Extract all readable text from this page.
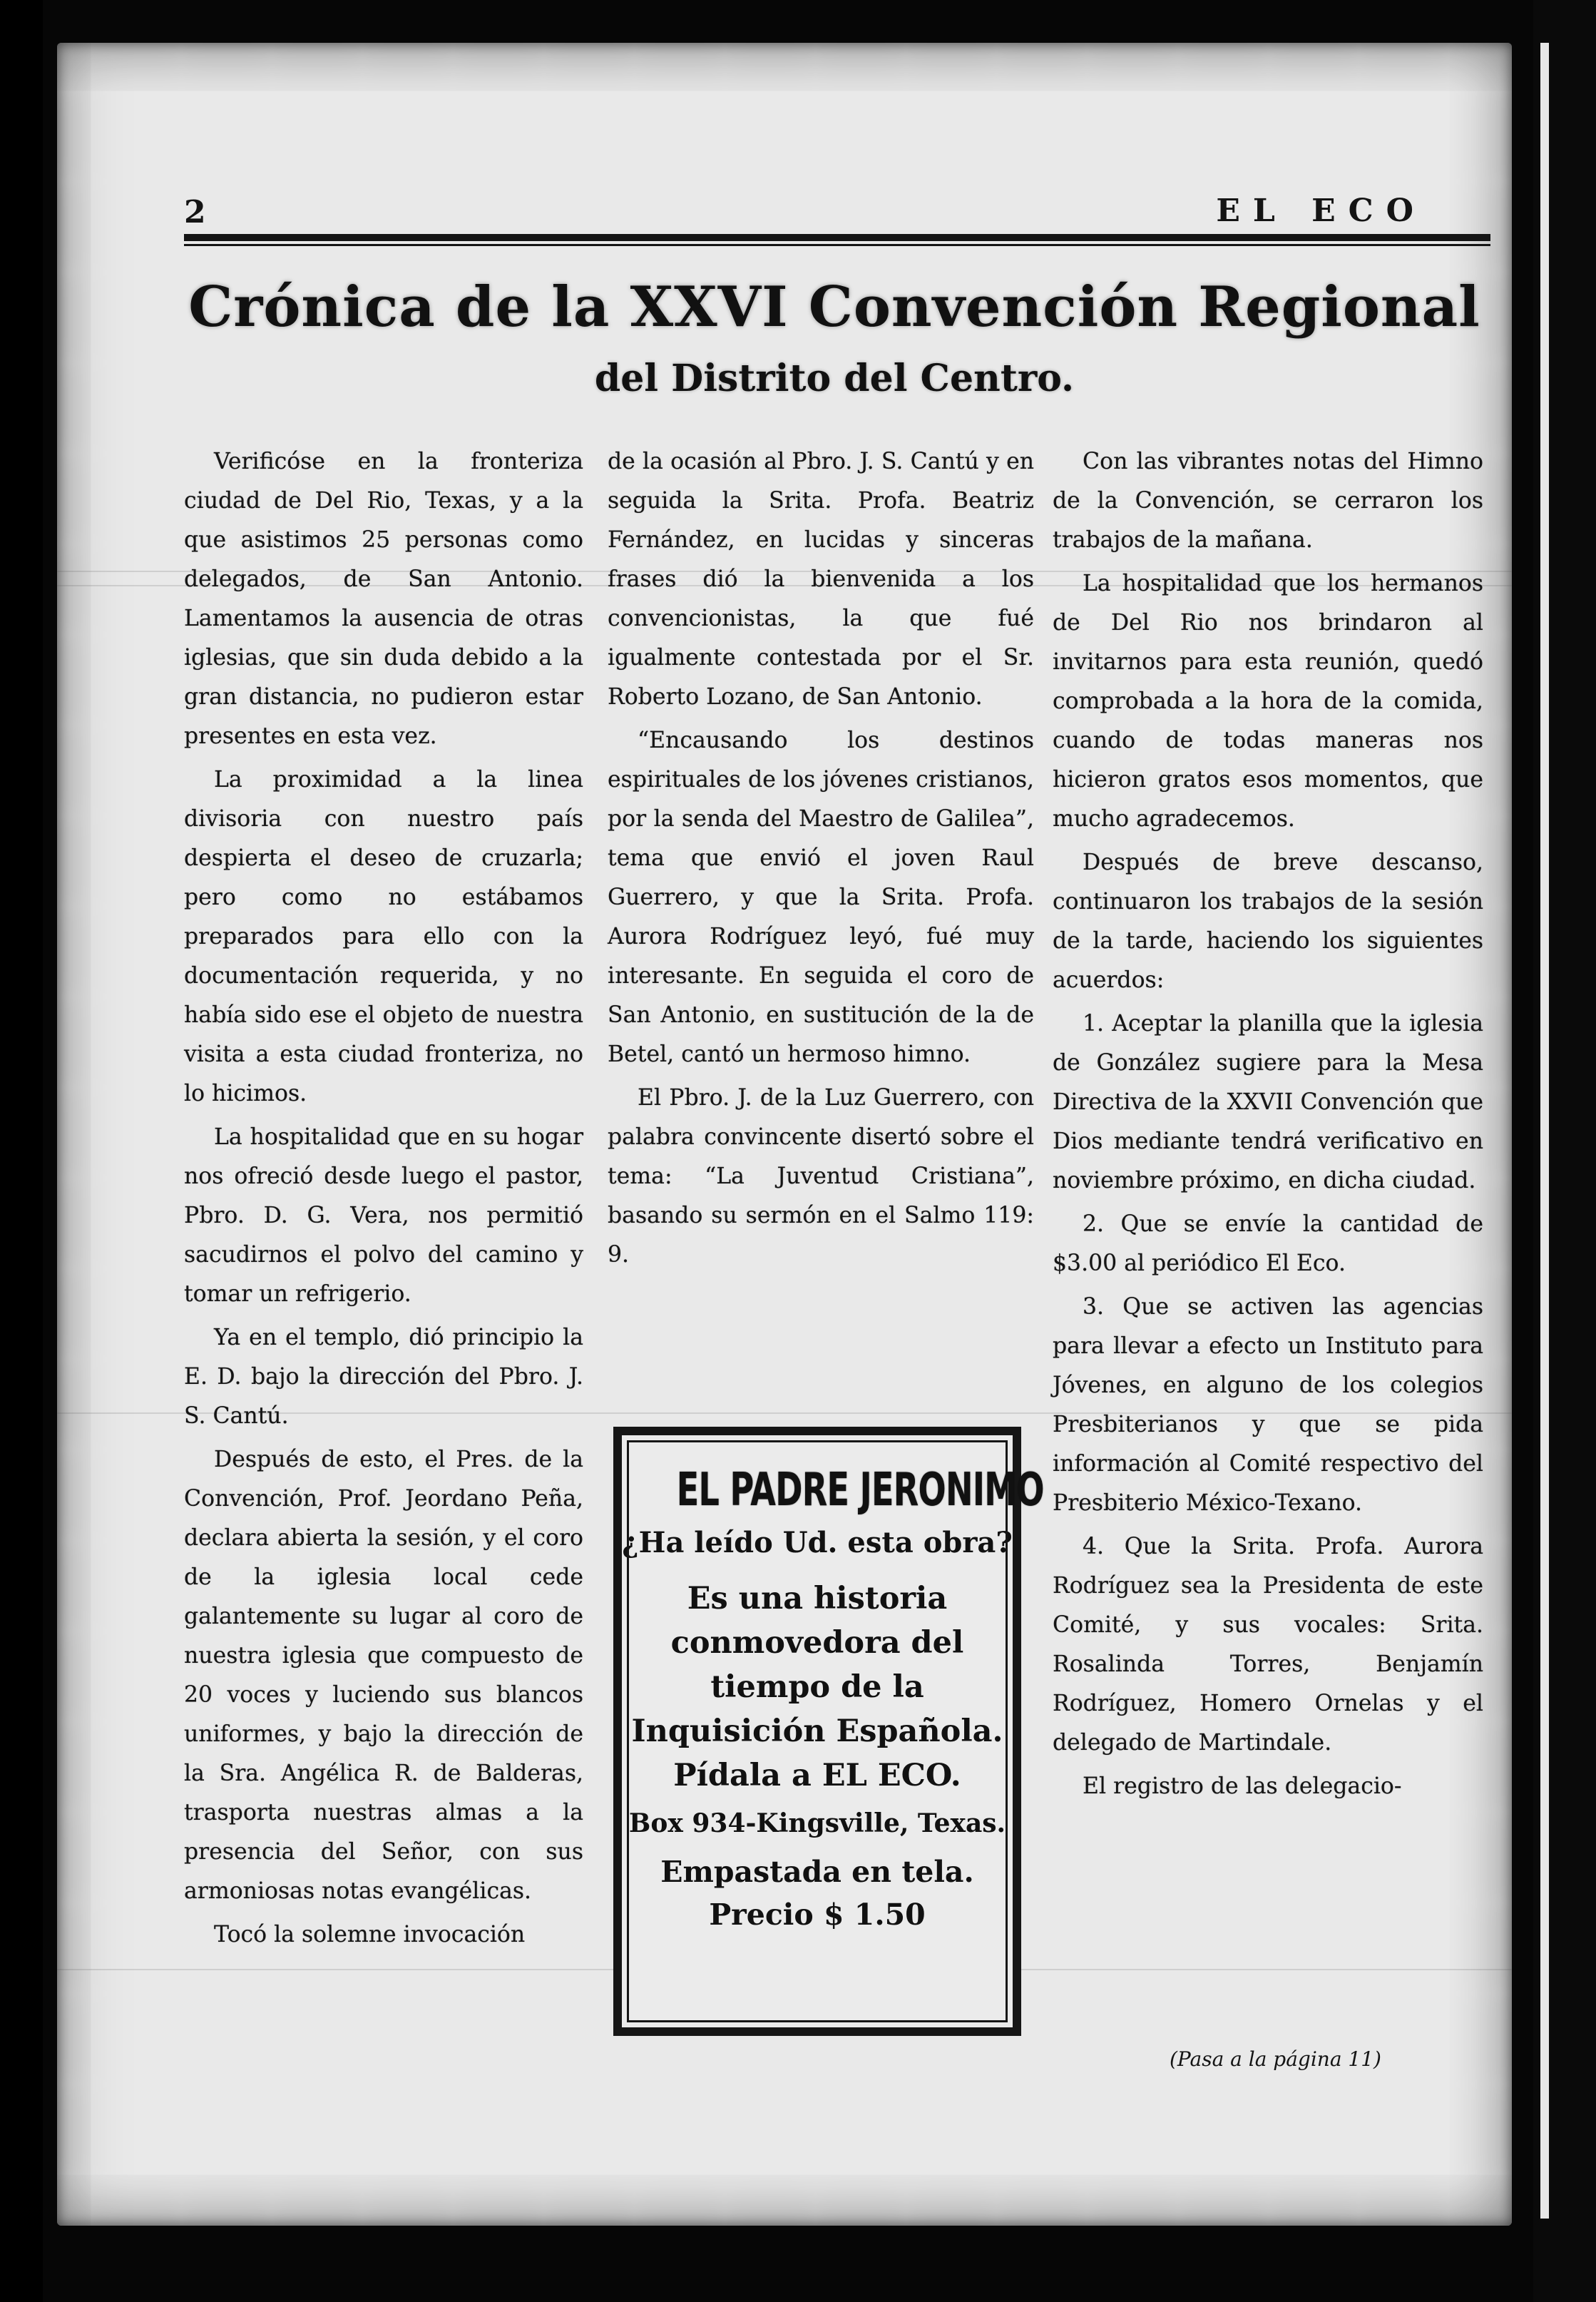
2	EL ECO
Crónica de la XXVI Convención Regional
del Distrito del Centro.

Verificóse en la fronteriza ciudad de Del Rio, Texas, y a la que asistimos 25 personas como delegados, de San Antonio. Lamentamos la ausencia de otras iglesias, que sin duda debido a la gran distancia, no pudieron estar presentes en esta vez.

La proximidad a la linea divisoria con nuestro país despierta el deseo de cruzarla; pero como no estábamos preparados para ello con la documentación requerida, y no había sido ese el objeto de nuestra visita a esta ciudad fronteriza, no lo hicimos.

La hospitalidad que en su hogar nos ofreció desde luego el pastor, Pbro. D. G. Vera, nos permitió sacudirnos el polvo del camino y tomar un refrigerio.

Ya en el templo, dió principio la E. D. bajo la dirección del Pbro. J. S. Cantú.

Después de esto, el Pres. de la Convención, Prof. Jeordano Peña, declara abierta la sesión, y el coro de la iglesia local cede galantemente su lugar al coro de nuestra iglesia que compuesto de 20 voces y luciendo sus blancos uniformes, y bajo la dirección de la Sra. Angélica R. de Balderas, trasporta nuestras almas a la presencia del Señor, con sus armoniosas notas evangélicas.

Tocó la solemne invocación

de la ocasión al Pbro. J. S. Cantú y en seguida la Srita. Profa. Beatriz Fernández, en lucidas y sinceras frases dió la bienvenida a los convencionistas, la que fué igualmente contestada por el Sr. Roberto Lozano, de San Antonio.

“Encausando los destinos espirituales de los jóvenes cristianos, por la senda del Maestro de Galilea”, tema que envió el joven Raul Guerrero, y que la Srita. Profa. Aurora Rodríguez leyó, fué muy interesante. En seguida el coro de San Antonio, en sustitución de la de Betel, cantó un hermoso himno.

El Pbro. J. de la Luz Guerrero, con palabra convincente disertó sobre el tema: “La Juventud Cristiana”, basando su sermón en el Salmo 119: 9.

EL PADRE JERONIMO
¿Ha leído Ud. esta obra?
Es una historia conmovedora del tiempo de la Inquisición Española. Pídala a EL ECO.
Box 934-Kingsville, Texas.
Empastada en tela.
Precio $ 1.50

Con las vibrantes notas del Himno de la Convención, se cerraron los trabajos de la mañana.

La hospitalidad que los hermanos de Del Rio nos brindaron al invitarnos para esta reunión, quedó comprobada a la hora de la comida, cuando de todas maneras nos hicieron gratos esos momentos, que mucho agradecemos.

Después de breve descanso, continuaron los trabajos de la sesión de la tarde, haciendo los siguientes acuerdos:

1. Aceptar la planilla que la iglesia de González sugiere para la Mesa Directiva de la XXVII Convención que Dios mediante tendrá verificativo en noviembre próximo, en dicha ciudad.

2. Que se envíe la cantidad de $3.00 al periódico El Eco.

3. Que se activen las agencias para llevar a efecto un Instituto para Jóvenes, en alguno de los colegios Presbiterianos y que se pida información al Comité respectivo del Presbiterio México-Texano.

4. Que la Srita. Profa. Aurora Rodríguez sea la Presidenta de este Comité, y sus vocales: Srita. Rosalinda Torres, Benjamín Rodríguez, Homero Ornelas y el delegado de Martindale.

El registro de las delegacio-

(Pasa a la página 11)
